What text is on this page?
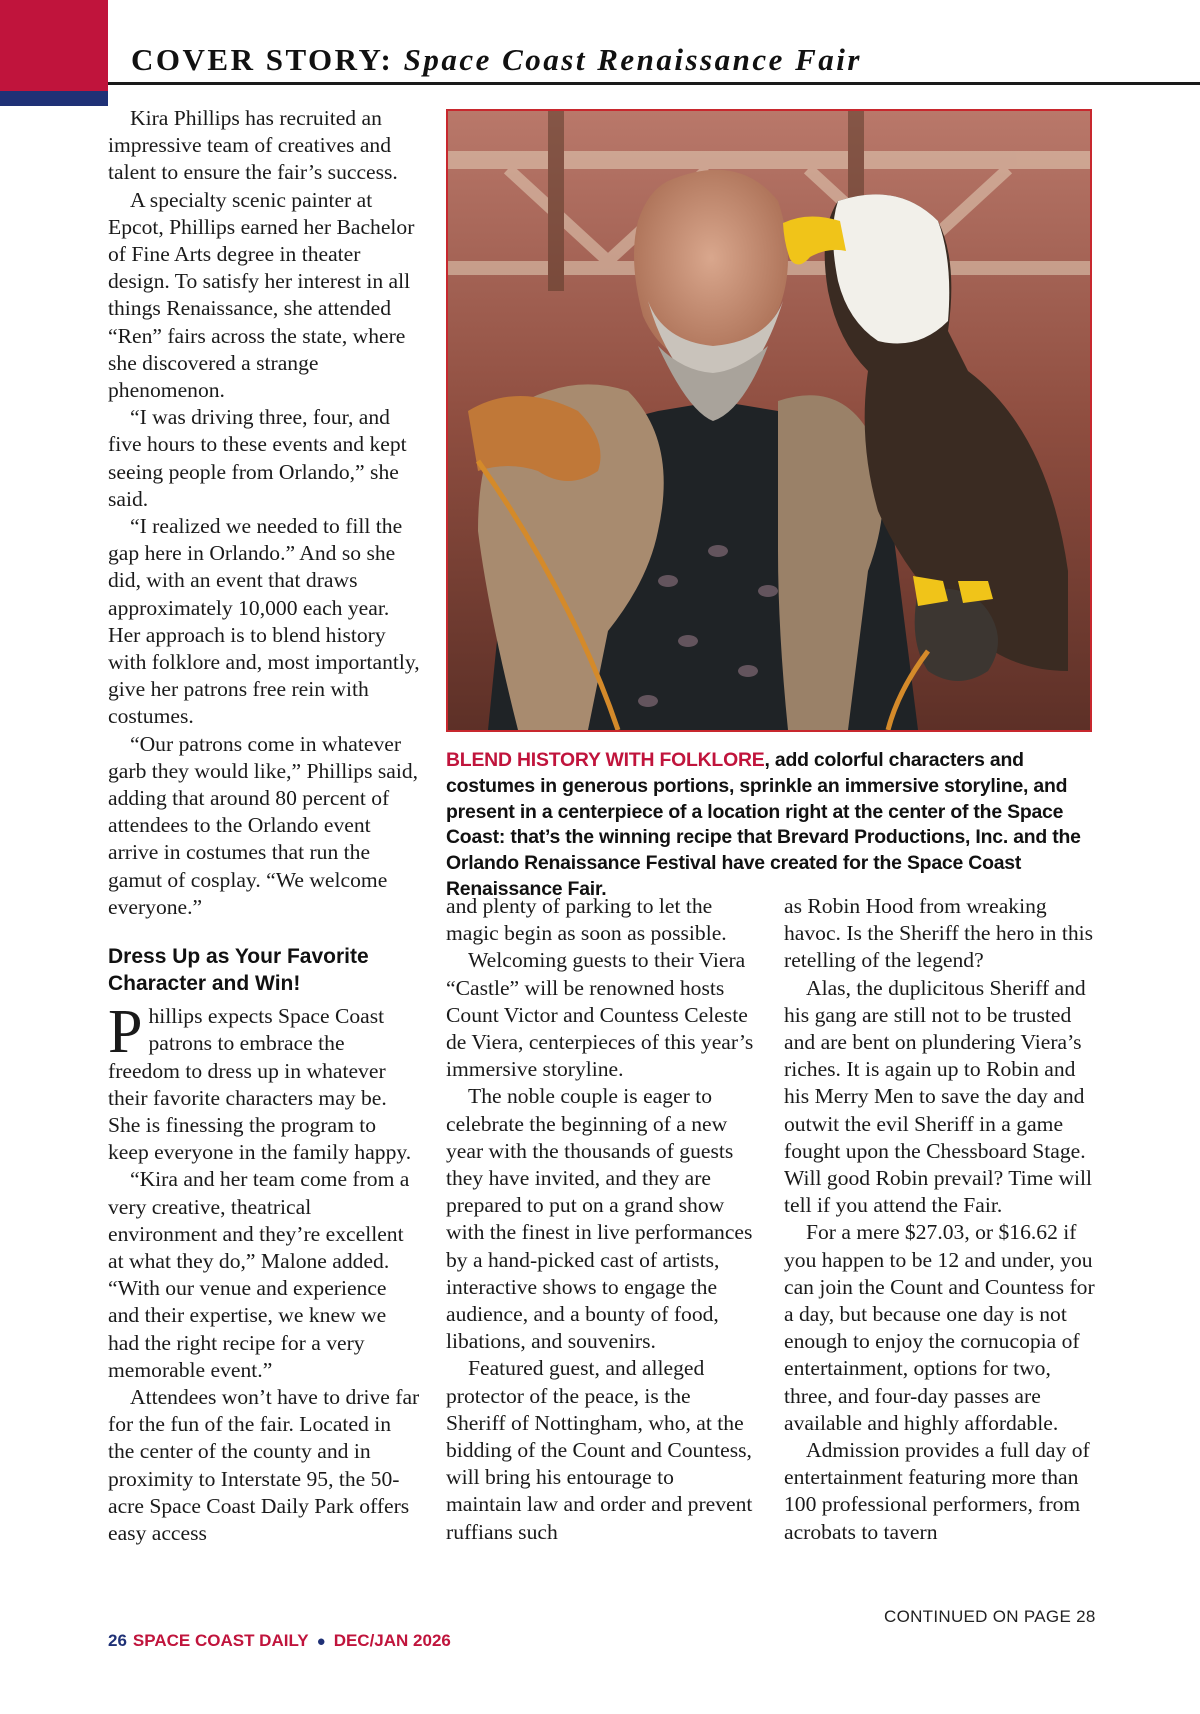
COVER STORY: Space Coast Renaissance Fair

Kira Phillips has recruited an impressive team of creatives and talent to ensure the fair’s success.

A specialty scenic painter at Epcot, Phillips earned her Bachelor of Fine Arts degree in theater design. To satisfy her interest in all things Renaissance, she attended “Ren” fairs across the state, where she discovered a strange phenomenon.

“I was driving three, four, and five hours to these events and kept seeing people from Orlando,” she said.

“I realized we needed to fill the gap here in Orlando.” And so she did, with an event that draws approximately 10,000 each year. Her approach is to blend history with folklore and, most importantly, give her patrons free rein with costumes.

“Our patrons come in whatever garb they would like,” Phillips said, adding that around 80 percent of attendees to the Orlando event arrive in costumes that run the gamut of cosplay. “We welcome everyone.”

Dress Up as Your Favorite Character and Win!

Phillips expects Space Coast patrons to embrace the freedom to dress up in whatever their favorite characters may be. She is finessing the program to keep everyone in the family happy.

“Kira and her team come from a very creative, theatrical environment and they’re excellent at what they do,” Malone added. “With our venue and experience and their expertise, we knew we had the right recipe for a very memorable event.”

Attendees won’t have to drive far for the fun of the fair. Located in the center of the county and in proximity to Interstate 95, the 50-acre Space Coast Daily Park offers easy access

BLEND HISTORY WITH FOLKLORE, add colorful characters and costumes in generous portions, sprinkle an immersive storyline, and present in a centerpiece of a location right at the center of the Space Coast: that’s the winning recipe that Brevard Productions, Inc. and the Orlando Renaissance Festival have created for the Space Coast Renaissance Fair.

and plenty of parking to let the magic begin as soon as possible.

Welcoming guests to their Viera “Castle” will be renowned hosts Count Victor and Countess Celeste de Viera, centerpieces of this year’s immersive storyline.

The noble couple is eager to celebrate the beginning of a new year with the thousands of guests they have invited, and they are prepared to put on a grand show with the finest in live performances by a hand-picked cast of artists, interactive shows to engage the audience, and a bounty of food, libations, and souvenirs.

Featured guest, and alleged protector of the peace, is the Sheriff of Nottingham, who, at the bidding of the Count and Countess, will bring his entourage to maintain law and order and prevent ruffians such

as Robin Hood from wreaking havoc. Is the Sheriff the hero in this retelling of the legend?

Alas, the duplicitous Sheriff and his gang are still not to be trusted and are bent on plundering Viera’s riches. It is again up to Robin and his Merry Men to save the day and outwit the evil Sheriff in a game fought upon the Chessboard Stage. Will good Robin prevail? Time will tell if you attend the Fair.

For a mere $27.03, or $16.62 if you happen to be 12 and under, you can join the Count and Countess for a day, but because one day is not enough to enjoy the cornucopia of entertainment, options for two, three, and four-day passes are available and highly affordable.

Admission provides a full day of entertainment featuring more than 100 professional performers, from acrobats to tavern

CONTINUED ON PAGE 28
26 SPACE COAST DAILY ● DEC/JAN 2026
